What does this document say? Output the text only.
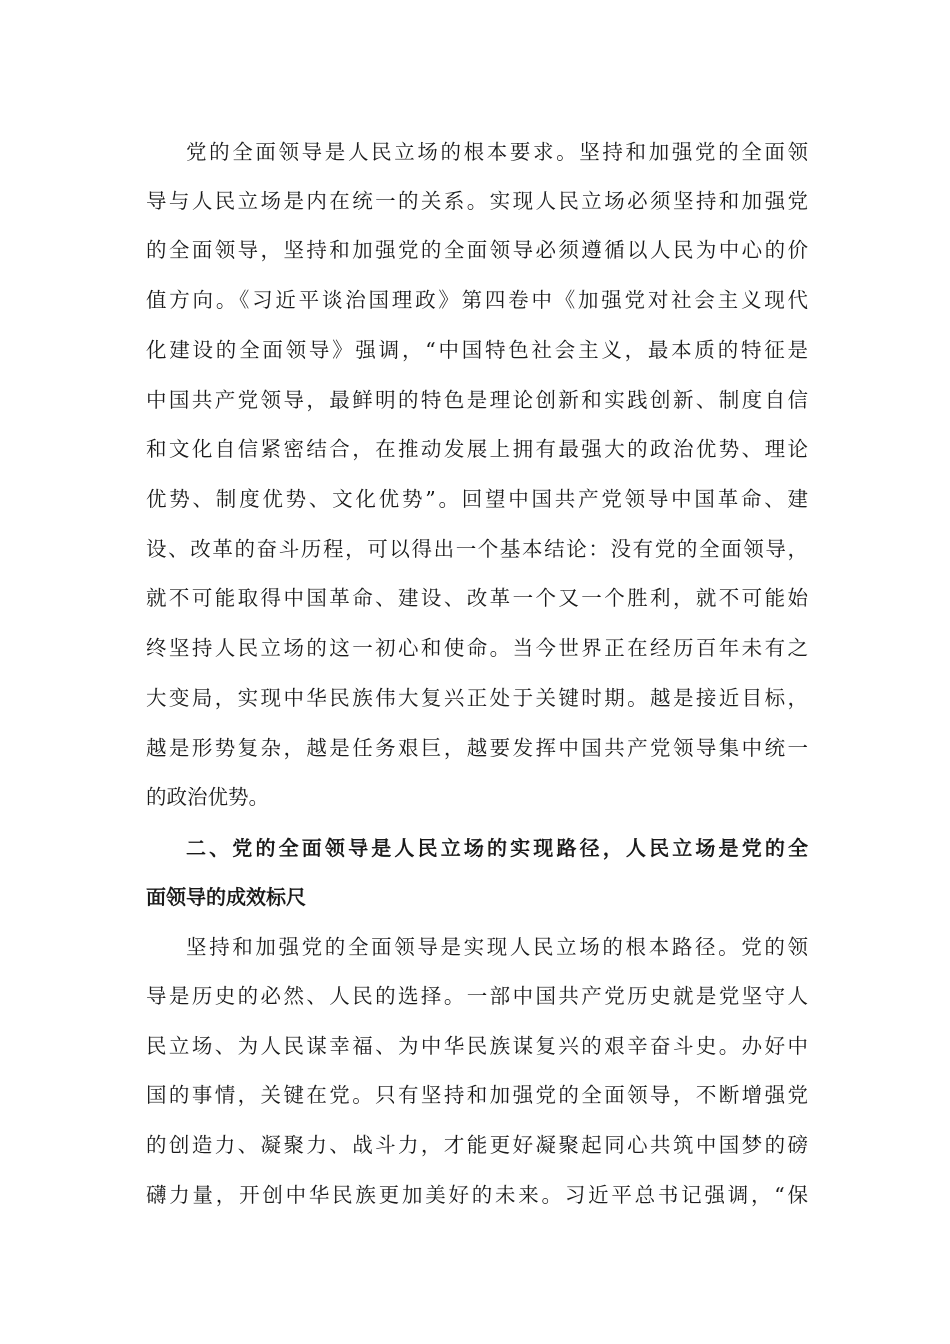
党的全面领导是人民立场的根本要求。坚持和加强党的全面领
导与人民立场是内在统一的关系。实现人民立场必须坚持和加强党
的全面领导，坚持和加强党的全面领导必须遵循以人民为中心的价
值方向。《习近平谈治国理政》第四卷中《加强党对社会主义现代
化建设的全面领导》强调，“中国特色社会主义，最本质的特征是
中国共产党领导，最鲜明的特色是理论创新和实践创新、制度自信
和文化自信紧密结合，在推动发展上拥有最强大的政治优势、理论
优势、制度优势、文化优势”。回望中国共产党领导中国革命、建
设、改革的奋斗历程，可以得出一个基本结论：没有党的全面领导，
就不可能取得中国革命、建设、改革一个又一个胜利，就不可能始
终坚持人民立场的这一初心和使命。当今世界正在经历百年未有之
大变局，实现中华民族伟大复兴正处于关键时期。越是接近目标，
越是形势复杂，越是任务艰巨，越要发挥中国共产党领导集中统一
的政治优势。
二、党的全面领导是人民立场的实现路径，人民立场是党的全
面领导的成效标尺
坚持和加强党的全面领导是实现人民立场的根本路径。党的领
导是历史的必然、人民的选择。一部中国共产党历史就是党坚守人
民立场、为人民谋幸福、为中华民族谋复兴的艰辛奋斗史。办好中
国的事情，关键在党。只有坚持和加强党的全面领导，不断增强党
的创造力、凝聚力、战斗力，才能更好凝聚起同心共筑中国梦的磅
礴力量，开创中华民族更加美好的未来。习近平总书记强调，“保
